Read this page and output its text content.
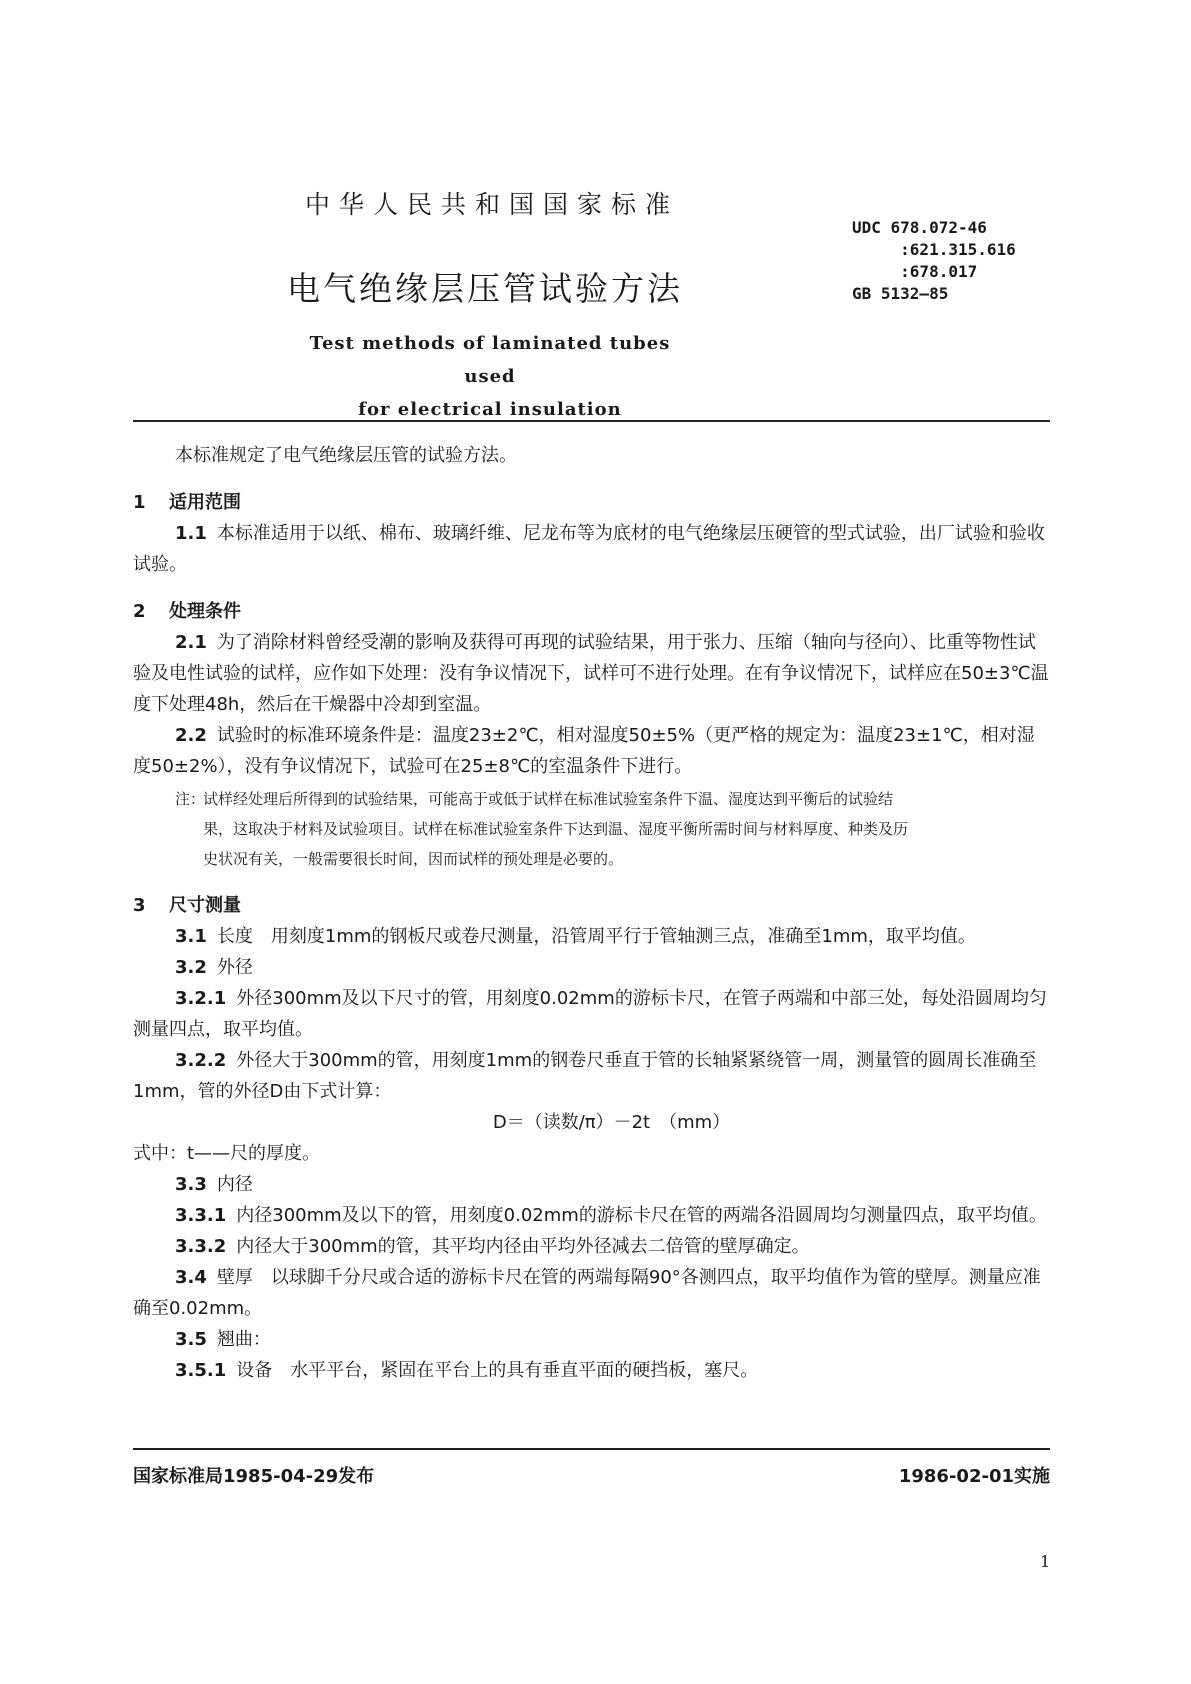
中华人民共和国国家标准
UDC 678.072-46
:621.315.616
:678.017
GB 5132—85
电气绝缘层压管试验方法
Test methods of laminated tubes used
for electrical insulation

本标准规定了电气绝缘层压管的试验方法。

1 适用范围

1.1 本标准适用于以纸、棉布、玻璃纤维、尼龙布等为底材的电气绝缘层压硬管的型式试验，出厂试验和验收试验。

2 处理条件

2.1 为了消除材料曾经受潮的影响及获得可再现的试验结果，用于张力、压缩（轴向与径向）、比重等物性试验及电性试验的试样，应作如下处理：没有争议情况下，试样可不进行处理。在有争议情况下，试样应在50±3℃温度下处理48h，然后在干燥器中冷却到室温。

2.2 试验时的标准环境条件是：温度23±2℃，相对湿度50±5%（更严格的规定为：温度23±1℃，相对湿度50±2%），没有争议情况下，试验可在25±8℃的室温条件下进行。

注：试样经处理后所得到的试验结果，可能高于或低于试样在标准试验室条件下温、湿度达到平衡后的试验结
果，这取决于材料及试验项目。试样在标准试验室条件下达到温、湿度平衡所需时间与材料厚度、种类及历
史状况有关，一般需要很长时间，因而试样的预处理是必要的。

3 尺寸测量

3.1 长度　用刻度1mm的钢板尺或卷尺测量，沿管周平行于管轴测三点，准确至1mm，取平均值。

3.2 外径

3.2.1 外径300mm及以下尺寸的管，用刻度0.02mm的游标卡尺，在管子两端和中部三处，每处沿圆周均匀测量四点，取平均值。

3.2.2 外径大于300mm的管，用刻度1mm的钢卷尺垂直于管的长轴紧紧绕管一周，测量管的圆周长准确至1mm，管的外径D由下式计算：

D＝（读数/π）－2t　（mm）

式中：t——尺的厚度。

3.3 内径

3.3.1 内径300mm及以下的管，用刻度0.02mm的游标卡尺在管的两端各沿圆周均匀测量四点，取平均值。

3.3.2 内径大于300mm的管，其平均内径由平均外径减去二倍管的壁厚确定。

3.4 壁厚　以球脚千分尺或合适的游标卡尺在管的两端每隔90°各测四点，取平均值作为管的壁厚。测量应准确至0.02mm。

3.5 翘曲：

3.5.1 设备　水平平台，紧固在平台上的具有垂直平面的硬挡板，塞尺。

国家标准局1985-04-29发布	1986-02-01实施
1
